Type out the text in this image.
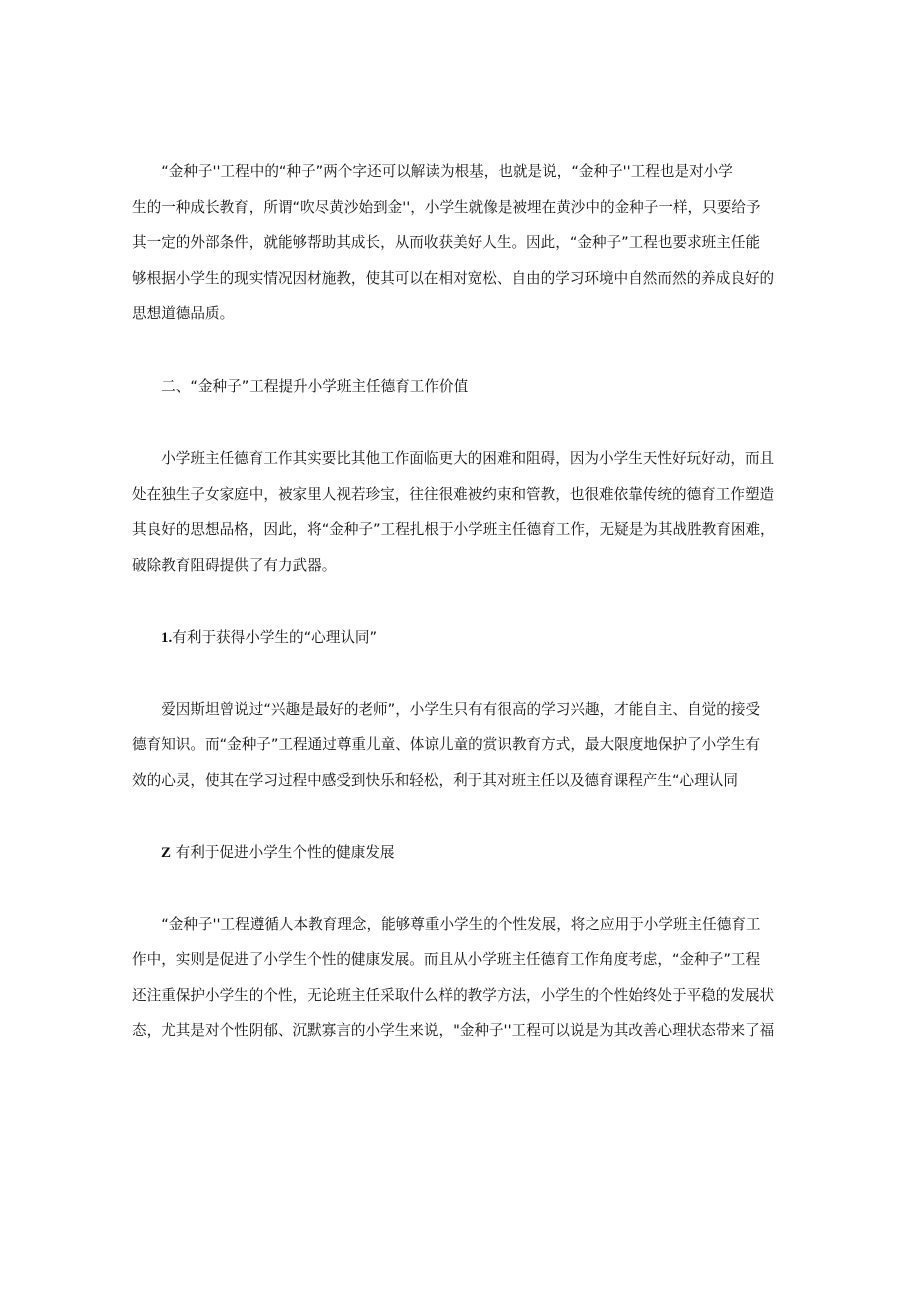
　　“金种子''工程中的“种子”两个字还可以解读为根基，也就是说，“金种子''工程也是对小学
生的一种成长教育，所谓“吹尽黄沙始到金''，小学生就像是被埋在黄沙中的金种子一样，只要给予
其一定的外部条件，就能够帮助其成长，从而收获美好人生。因此，“金种子”工程也要求班主任能
够根据小学生的现实情况因材施教，使其可以在相对宽松、自由的学习环境中自然而然的养成良好的
思想道德品质。
　　二、“金种子”工程提升小学班主任德育工作价值
　　小学班主任德育工作其实要比其他工作面临更大的困难和阻碍，因为小学生天性好玩好动，而且
处在独生子女家庭中，被家里人视若珍宝，往往很难被约束和管教，也很难依靠传统的德育工作塑造
其良好的思想品格，因此，将“金种子”工程扎根于小学班主任德育工作，无疑是为其战胜教育困难，
破除教育阻碍提供了有力武器。
1.有利于获得小学生的“心理认同”
　　爱因斯坦曾说过“兴趣是最好的老师”，小学生只有有很高的学习兴趣，才能自主、自觉的接受
德育知识。而“金种子”工程通过尊重儿童、体谅儿童的赏识教育方式，最大限度地保护了小学生有
效的心灵，使其在学习过程中感受到快乐和轻松，利于其对班主任以及德育课程产生“心理认同
Z 有利于促进小学生个性的健康发展
　　“金种子''工程遵循人本教育理念，能够尊重小学生的个性发展，将之应用于小学班主任德育工
作中，实则是促进了小学生个性的健康发展。而且从小学班主任德育工作角度考虑，“金种子”工程
还注重保护小学生的个性，无论班主任采取什么样的教学方法，小学生的个性始终处于平稳的发展状
态，尤其是对个性阴郁、沉默寡言的小学生来说，"金种子''工程可以说是为其改善心理状态带来了福
